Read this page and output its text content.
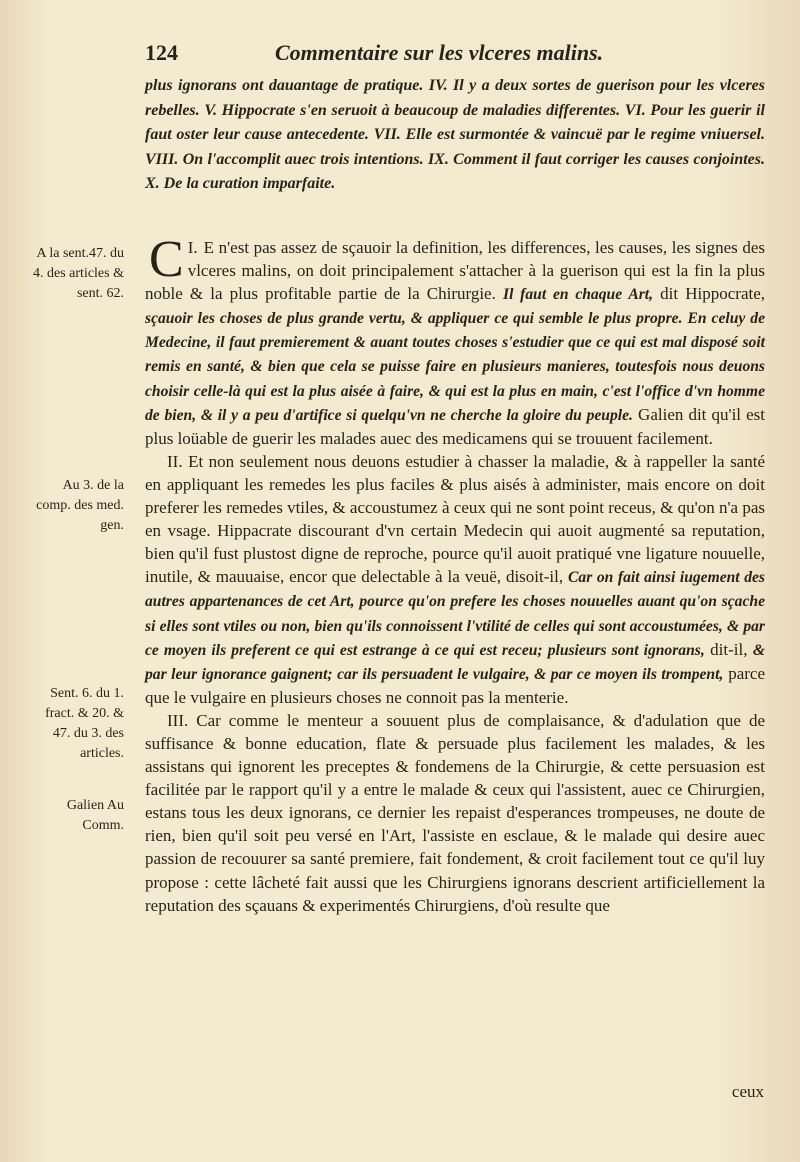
124	Commentaire sur les vlceres malins.
plus ignorans ont dauantage de pratique. IV. Il y a deux sortes de guerison pour les vlceres rebelles. V. Hippocrate s'en seruoit à beaucoup de maladies differentes. VI. Pour les guerir il faut oster leur cause antecedente. VII. Elle est surmontée & vaincuë par le regime vniuersel. VIII. On l'accomplit auec trois intentions. IX. Comment il faut corriger les causes conjointes. X. De la curation imparfaite.
A la sent.47. du 4. des articles & sent. 62.
Au 3. de la comp. des med. gen.
Sent. 6. du 1. fract. & 20. & 47. du 3. des articles.
Galien Au Comm.

I.
C E n'est pas assez de sçauoir la definition, les differences, les causes, les signes des vlceres malins, on doit principalement s'attacher à la guerison qui est la fin la plus noble & la plus profitable partie de la Chirurgie. Il faut en chaque Art, dit Hippocrate, sçauoir les choses de plus grande vertu, & appliquer ce qui semble le plus propre. En celuy de Medecine, il faut premierement & auant toutes choses s'estudier que ce qui est mal disposé soit remis en santé, & bien que cela se puisse faire en plusieurs manieres, toutesfois nous deuons choisir celle-là qui est la plus aisée à faire, & qui est la plus en main, c'est l'office d'vn homme de bien, & il y a peu d'artifice si quelqu'vn ne cherche la gloire du peuple. Galien dit qu'il est plus loüable de guerir les malades auec des medicamens qui se trouuent facilement.

II. Et non seulement nous deuons estudier à chasser la maladie, & à rappeller la santé en appliquant les remedes les plus faciles & plus aisés à administer, mais encore on doit preferer les remedes vtiles, & accoustumez à ceux qui ne sont point receus, & qu'on n'a pas en vsage. Hippacrate discourant d'vn certain Medecin qui auoit augmenté sa reputation, bien qu'il fust plustost digne de reproche, pource qu'il auoit pratiqué vne ligature nouuelle, inutile, & mauuaise, encor que delectable à la veuë, disoit-il, Car on fait ainsi iugement des autres appartenances de cet Art, pource qu'on prefere les choses nouuelles auant qu'on sçache si elles sont vtiles ou non, bien qu'ils connoissent l'vtilité de celles qui sont accoustumées, & par ce moyen ils preferent ce qui est estrange à ce qui est receu; plusieurs sont ignorans, dit-il, & par leur ignorance gaignent; car ils persuadent le vulgaire, & par ce moyen ils trompent, parce que le vulgaire en plusieurs choses ne connoit pas la menterie.

III. Car comme le menteur a souuent plus de complaisance, & d'adulation que de suffisance & bonne education, flate & persuade plus facilement les malades, & les assistans qui ignorent les preceptes & fondemens de la Chirurgie, & cette persuasion est facilitée par le rapport qu'il y a entre le malade & ceux qui l'assistent, auec ce Chirurgien, estans tous les deux ignorans, ce dernier les repaist d'esperances trompeuses, ne doute de rien, bien qu'il soit peu versé en l'Art, l'assiste en esclaue, & le malade qui desire auec passion de recouurer sa santé premiere, fait fondement, & croit facilement tout ce qu'il luy propose : cette lâcheté fait aussi que les Chirurgiens ignorans descrient artificiellement la reputation des sçauans & experimentés Chirurgiens, d'où resulte que

ceux
